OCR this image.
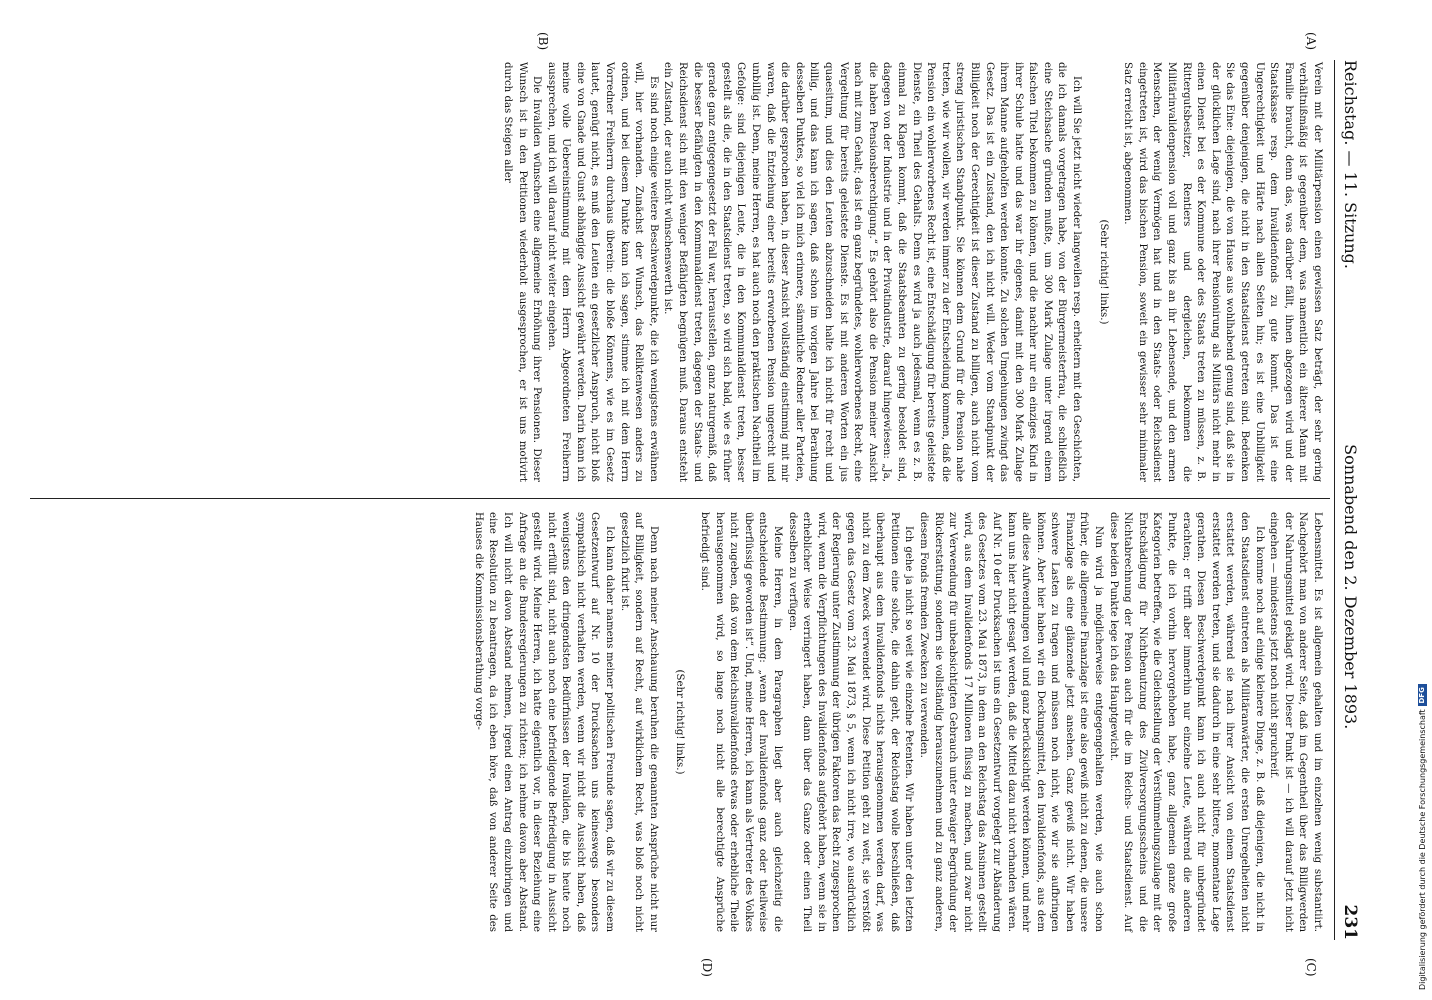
Reichstag. — 11. Sitzung.
Sonnabend den 2. Dezember 1893.
231
(A)
(B)
(C)
(D)

Verein mit der Militärpension einen gewissen Satz beträgt, der sehr gering verhältnißmäßig ist gegenüber dem, was namentlich ein älterer Mann mit Familie braucht, denn das, was darüber fällt, ihnen abgezogen wird und der Staatskasse resp. dem Invalidenfonds zu gute kommt. Das ist eine Ungerechtigkeit und Härte nach allen Seiten hin; es ist eine Unbilligkeit gegenüber denjenigen, die nicht in den Staatsdienst getreten sind. Bedenken Sie das Eine: diejenigen, die von Hause aus wohlhabend genug sind, daß sie in der glücklichen Lage sind, nach ihrer Pensionirung als Militärs nicht mehr in einen Dienst bei es der Kommune oder des Staats treten zu müssen, z. B. Rittergutsbesitzer, Rentiers und dergleichen, bekommen die Militärinvalidenpension voll und ganz bis an ihr Lebensende, und den armen Menschen, der wenig Vermögen hat und in den Staats- oder Reichsdienst eingetreten ist, wird das bischen Pension, soweit ein gewisser sehr minimaler Satz erreicht ist, abgenommen.

(Sehr richtig! links.)

Ich will Sie jetzt nicht wieder langweilen resp. erheitern mit den Geschichten, die ich damals vorgetragen habe, von der Bürgermeisterfrau, die schließlich eine Steichsache gründen mußte, um 300 Mark Zulage unter irgend einem falschen Titel bekommen zu können, und die nachher nur ein einziges Kind in ihrer Schule hatte und das war ihr eigenes, damit mit den 300 Mark Zulage ihrem Manne aufgeholfen werden konnte. Zu solchen Umgehungen zwingt das Gesetz. Das ist ein Zustand, den ich nicht will. Weder vom Standpunkt der Billigkeit noch der Gerechtigkeit ist dieser Zustand zu billigen, auch nicht vom streng juristischen Standpunkt. Sie können dem Grund für die Pension nahe treten, wie wir wollen, wir werden immer zu der Entscheidung kommen, daß die Pension ein wohlerworbenes Recht ist, eine Entschädigung für bereits geleistete Dienste, ein Theil des Gehalts. Denn es wird ja auch jedesmal, wenn es z. B. einmal zu Klagen kommt, daß die Staatsbeamten zu gering besoldet sind, dagegen von der Industrie und in der Privatindustrie, darauf hingewiesen: „Ja, die haben Pensionsberechtigung.“ Es gehört also die Pension meiner Ansicht nach mit zum Gehalt; das ist ein ganz begründetes, wohlerworbenes Recht, eine Vergeltung für bereits geleistete Dienste. Es ist mit anderen Worten ein jus quaesitum, und dies den Leuten abzuschneiden halte ich nicht für recht und billig, und das kann ich sagen, daß schon im vorigen Jahre bei Berathung desselben Punktes, so viel ich mich erinnere, sämmtliche Redner aller Parteien, die darüber gesprochen haben, in dieser Ansicht vollständig einstimmig mit mir waren, daß die Entziehung einer bereits erworbenen Pension ungerecht und unbillig ist. Denn, meine Herren, es hat auch noch den praktischen Nachtheil im Gefolge: sind diejenigen Leute, die in den Kommunaldienst treten, besser gestellt als die, die in den Staatsdienst treten, so wird sich bald, wie es früher gerade ganz entgegengesetzt der Fall war, herausstellen, ganz naturgemäß, daß die besser Befähigten in den Kommunaldienst treten, dagegen der Staats- und Reichsdienst sich mit den weniger Befähigten begnügen muß. Daraus entsteht ein Zustand, der auch nicht wünschenswerth ist.

Es sind noch einige weitere Beschwerdepunkte, die ich wenigstens erwähnen will, hier vorhanden. Zunächst der Wunsch, das Reliktenwesen anders zu ordnen, und bei diesem Punkte kann ich sagen, stimme ich mit dem Herrn Vorredner Freiherrn durchaus überein: die bloße Könnens, wie es im Gesetz lautet, genügt nicht, es muß den Leuten ein gesetzlicher Anspruch, nicht bloß eine von Gnade und Gunst abhängige Aussicht gewährt werden. Darin kann ich meine volle Uebereinstimmung mit dem Herrn Abgeordneten Freiherrn aussprechen, und ich will darauf nicht weiter eingehen.

Die Invaliden wünschen eine allgemeine Erhöhung ihrer Pensionen. Dieser Wunsch ist in den Petitionen wiederholt ausgesprochen, er ist uns motivirt durch das Steigen aller

Lebensmittel. Es ist allgemein gehalten und im einzelnen wenig substantiirt. Nachgehört man von anderer Seite, daß im Gegentheil über das Billigwerden der Nahrungsmittel geklagt wird. Dieser Punkt ist — ich will darauf jetzt nicht eingehen — mindestens jetzt noch nicht spruchreif.

Ich komme noch auf einige kleinere Dinge, z. B. daß diejenigen, die nicht in den Staatsdienst eintreten als Militäranwärter, die ersten Unregelheiten nicht erstattet werden, während sie nach ihrer Ansicht von einem Staatsdienst erstattet werden treten, und sie dadurch in eine sehr bittere, momentane Lage gerathen. Diesen Beschwerdepunkt kann ich auch nicht für unbegründet erachten; er trifft aber immerhin nur einzelne Leute, während die anderen Punkte, die ich vorhin hervorgehoben habe, ganz allgemein ganze große Kategorien betreffen, wie die Gleichstellung der Verstümmelungszulage mit der Entschädigung für Nichtbenutzung des Zivilversorgungsscheins und die Nichtabrechnung der Pension auch für die im Reichs- und Staatsdienst. Auf diese beiden Punkte lege ich das Hauptgewicht.

Nun wird ja möglicherweise entgegengehalten werden, wie auch schon früher, die allgemeine Finanzlage ist eine also gewiß nicht zu denen, die unsere Finanzlage als eine glänzende jetzt ansehen. Ganz gewiß nicht. Wir haben schwere Lasten zu tragen und müssen noch nicht, wie wir sie aufbringen können. Aber hier haben wir ein Deckungsmittel, den Invalidenfonds, aus dem alle diese Aufwendungen voll und ganz berücksichtigt werden können, und mehr kann uns hier nicht gesagt werden, daß die Mittel dazu nicht vorhanden wären. Auf Nr. 10 der Drucksachen ist uns ein Gesetzentwurf vorgelegt zur Abänderung des Gesetzes vom 23. Mai 1873, in dem an den Reichstag das Ansinnen gestellt wird, aus dem Invalidenfonds 17 Millionen flüssig zu machen, und zwar nicht zur Verwendung für unbeabsichtigten Gebrauch unter etwaiger Begründung der Rückerstattung, sondern sie vollständig herauszunehmen und zu ganz anderen, diesem Fonds fremden Zwecken zu verwenden.

Ich gehe ja nicht so weit wie einzelne Petenten. Wir haben unter den letzten Petitionen eine solche, die dahin geht, der Reichstag wolle beschließen, daß überhaupt aus dem Invalidenfonds nichts herausgenommen werden darf, was nicht zu dem Zweck verwendet wird. Diese Petition geht zu weit, sie verstößt gegen das Gesetz vom 23. Mai 1873, § 5, wenn ich nicht irre, wo ausdrücklich der Regierung unter Zustimmung der übrigen Faktoren das Recht zugesprochen wird, wenn die Verpflichtungen des Invalidenfonds aufgehört haben, wenn sie in erheblicher Weise verringert haben, dann über das Ganze oder einen Theil desselben zu verfügen.

Meine Herren, in dem Paragraphen liegt aber auch gleichzeitig die entscheidende Bestimmung: „wenn der Invalidenfonds ganz oder theilweise überflüssig geworden ist“. Und, meine Herren, ich kann als Vertreter des Volkes nicht zugeben, daß von dem Reichsinvalidenfonds etwas oder erhebliche Theile herausgenommen wird, so lange noch nicht alle berechtigte Ansprüche befriedigt sind.

(Sehr richtig! links.)

Denn nach meiner Anschauung beruhen die genannten Ansprüche nicht nur auf Billigkeit, sondern auf Recht, auf wirklichem Recht, was bloß noch nicht gesetzlich fixirt ist.

Ich kann daher namens meiner politischen Freunde sagen, daß wir zu diesem Gesetzentwurf auf Nr. 10 der Drucksachen uns keineswegs besonders sympathisch nicht verhalten werden, wenn wir nicht die Aussicht haben, daß wenigstens den dringendsten Bedürfnissen der Invaliden, die bis heute noch nicht erfüllt sind, nicht auch noch eine befriedigende Befriedigung in Aussicht gestellt wird. Meine Herren, ich hatte eigentlich vor, in dieser Beziehung eine Anfrage an die Bundesregierungen zu richten; ich nehme davon aber Abstand. Ich will nicht davon Abstand nehmen, irgend einen Antrag einzubringen und eine Resolution zu beantragen, da ich eben höre, daß von anderer Seite des Hauses die Kommissionsberathung vorge-

Digitalisierung gefördert durch die Deutsche Forschungsgemeinschaft
DFG
